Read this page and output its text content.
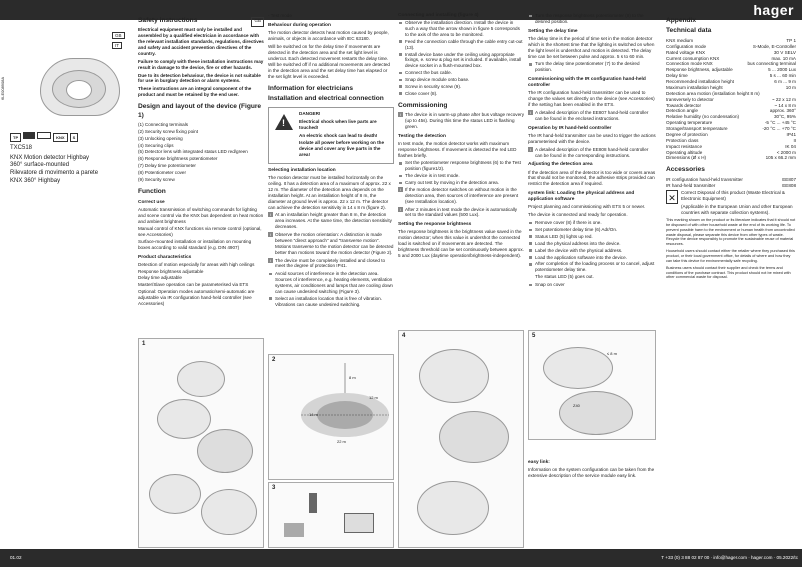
hager
6LE008908A
GB
IT
TP	KNX S

TXC518

KNX Motion detector Highbay

360° surface-mounted

Rilevatore di movimento a parete

KNX 360° Highbay

Safety instructions	GB

Electrical equipment must only be installed and assembled by a qualified electrician in accordance with the relevant installation standards, regulations, directives and safety and accident prevention directives of the country.

Failure to comply with these installation instructions may result in damage to the device, fire or other hazards.

Due to its detection behaviour, the device is not suitable for use in burglary detection or alarm systems.

These instructions are an integral component of the product and must be retained by the end user.

Design and layout of the device (Figure 1)
(1) Connecting terminals
(2) Security screw fixing point
(3) Unlocking opening
(4) Securing clips
(5) Detector lens with integrated status LED red/green
(6) Response brightness potentiometer
(7) Delay time potentiometer
(8) Potentiometer cover
(9) Security screw
Function
Correct use
Automatic transmission of switching commands for lighting and scene control via the KNX bus dependent on heat motion and ambient brightness
Manual control of KNX functions via remote control (optional, see Accessories)
Surface-mounted installation or installation on mounting boxes according to valid standard (e.g. DIN 4907)
Product characteristics
Detection of motion especially for areas with high ceilings
Response brightness adjustable
Delay time adjustable
Master/Slave operation can be parameterised via ETS
Optional: Operation modes automatic/semi-automatic are adjustable via IR configuration hand-held controller (see Accessories)

- Test mode

Behaviour during operation

The motion detector detects heat motion caused by people, animals, or objects in accordance with IEC 63180.

Will be switched on for the delay time if movements are detected in the detection area and the set light level is undercut. Each detected movement restarts the delay time.
Will be switched off if no additional movements are detected in the detection area and the set delay time has elapsed or the set light level is exceeded.
Information for electricians
Installation and electrical connection
!

DANGER!

Electrical shock when live parts are touched!

An electric shock can lead to death!

Isolate all power before working on the device and cover any live parts in the area!

Selecting installation location

The motion detector must be installed horizontally on the ceiling. It has a detection area of a maximum of approx. 22 x 12 m. The diameter of the detection area depends on the installation height. At an installation height of 8 m, the diameter at ground level is approx. 22 x 12 m. The detector can achieve the detection sensitivity in 14 x 8 m (figure 2).

i At an installation height greater than 8 m, the detection area increases. At the same time, the detection sensitivity decreases.

i Observe the motion orientation: A distinction is made between "direct approach" and "transverse motion". Motions transverse to the motion detector can be detected better than motions toward the motion detector (Figure 2).

i The device must be completely installed and closed to meet the degree of protection IP41.

Avoid sources of interference in the detection area. Sources of interference, e.g. heating elements, ventilation systems, air conditioners and lamps that are cooling down can cause undesired switching (Figure 3).
Select an installation location that is free of vibration. Vibrations can cause undesired switching.
Connecting and installing (figure 4)
Observe the installation direction. Install the device in such a way that the arrow shown in figure 5 corresponds to the axis of the area to be monitored.
Feed the connection cable through the cable entry cut-out (13).
Install device base under the ceiling using appropriate fixings, e. screw & plug set is included. If available, install device socket in a flush-mounted box.
Connect the bus cable.
Snap device module onto base.
Screw in security screw (9).
Close cover (8).
Commissioning

i The device is in warm-up phase after bus voltage recovery (up to 45s). During this time the status LED is flashing green.

Testing the detection

In test mode, the motion detector works with maximum response brightness. If movement is detected the red LED flashes briefly.

Set the potentiometer response brightness (6) to the Test position (figure1/2).
The device is in test mode.
Carry out test by moving in the detection area.

i If the motion detector switches on without motion in the detection area, then sources of interference are present (see Installation location).

i After 2 minutes in test mode the device is automatically set to the standard values (500 Lux).

Setting the response brightness

The response brightness is the brightness value saved in the motion detector; when this value is undershot the connected load is switched on if movements are detected. The brightness threshold can be set continuously between approx. 5 and 2000 Lux (daytime operation/brightness-independent).

Turn the response brightness potentiometer (6) to the desired position.
Setting the delay time

The delay time is the period of time set in the motion detector which is the shortest time that the lighting is switched on when the light level is undershot and motion is detected. The delay time can be set between pulse and approx. 5 s to 60 min.

Turn the delay time potentiometer (7) to the desired position.
Commissioning with the IR configuration hand-held controller

The IR configuration hand-held transmitter can be used to change the values set directly on the device (see Accessories) if the setting has been enabled in the ETS.

i A detailed description of the EE807 hand-held controller can be found in the enclosed instructions.

Operation by IR hand-held controller

The IR hand-held transmitter can be used to trigger the actions parameterised with the device.

i A detailed description of the EE808 hand-held controller can be found in the corresponding instructions.

Adjusting the detection area

If the detection area of the detector is too wide or covers areas that should not be monitored, the adhesive strips provided can restrict the detection area if required.

system link: Loading the physical address and application software

Project planning and commissioning with ETS 5 or newer.

The device is connected and ready for operation.

Remove cover (8) if there is one.
Set potentiometer delay time (6) Adr/On.
Status LED (5) lights up red.
Load the physical address into the device.
Label the device with the physical address.
Load the application software into the device.
After completion of the loading process or to cancel, adjust potentiometer delay time.

The status LED (5) goes out.

Snap on cover
easy link:

Information on the system configuration can be taken from the extensive description of the service module easy link.

Appendix
Technical data
KNX medium	TP 1
Configuration mode	S-Mode, E-Controller
Rated voltage KNX	30 V SELV
Current consumption KNX	max. 10 mA
Connection mode KNX	bus connecting terminal
Response brightness, adjustable	5 ... 2000 Lux
Delay time	5 s ... 60 min
Recommended installation height	6 m ... 9 m
Maximum installation height	10 m
Detection area motion (installation height 8 m)
transversely to detector	~ 22 x 12 m
Towards detector	~ 14 x 8 m
Detection angle	approx. 360°
Relative humidity (no condensation)	30°C, 95%
Operating temperature	-5 °C ... +45 °C
Storage/transport temperature	-20 °C ... +70 °C
Degree of protection	IP41
Protection class	II
Impact resistance	IK 04
Operating altitude	< 2000 m
Dimensions (Ø x H)	105 x 66.2 mm
Accessories
IR configuration hand-held transmitter	EE807
IR hand-held transmitter	EE808
✕

Correct Disposal of this product (Waste Electrical & Electronic Equipment)

(Applicable in the European Union and other European countries with separate collection systems).

This marking shown on the product or its literature indicates that it should not be disposed of with other household waste at the end of its working life. To prevent possible harm to the environment or human health from uncontrolled waste disposal, please separate this device from other types of waste. Recycle the device responsibly to promote the sustainable reuse of material resources.

Household users should contact either the retailer where they purchased this product, or their local government office, for details of where and how they can take this device for environmentally safe recycling.

Business users should contact their supplier and check the terms and conditions of the purchase contract. This product should not be mixed with other commercial waste for disposal.

1
2
8 m
22 m
14 m
12 m
3
4	5
≤ 8 m
Z40
01.02	T +33 (0) 3 88 02 87 00 · info@hager.com · hager.com · 05.2022/tc
